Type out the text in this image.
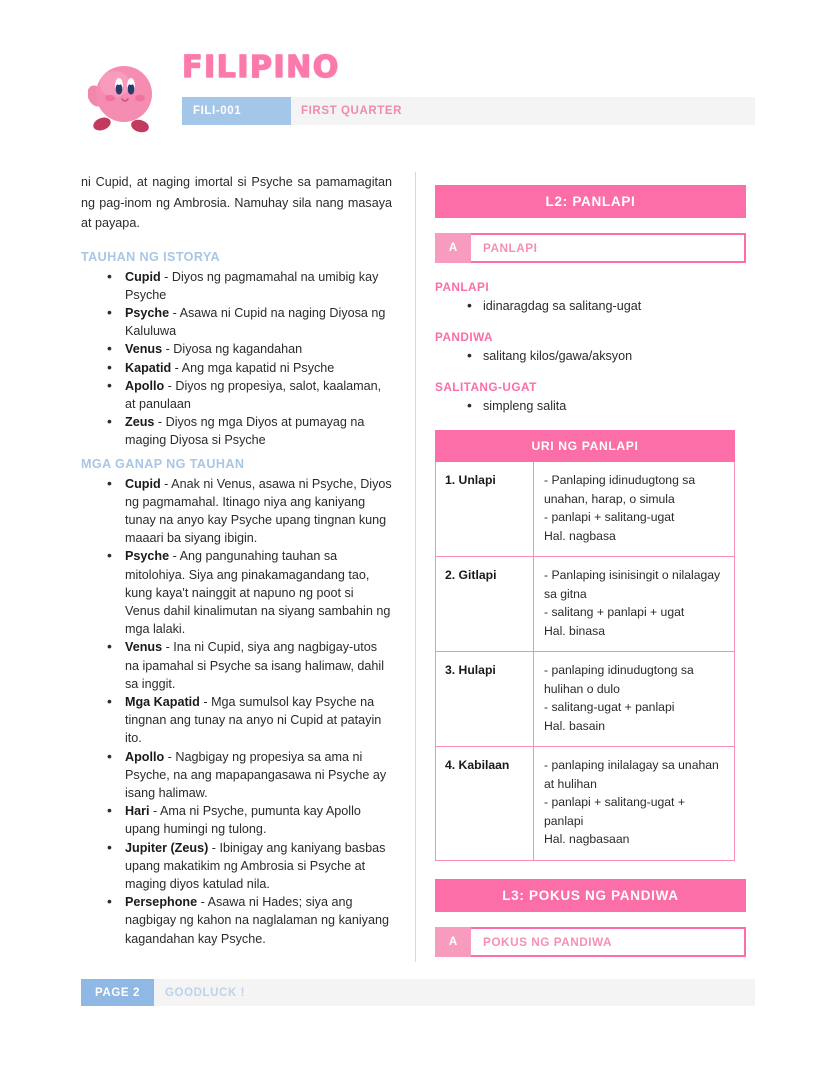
FILIPINO
FILI-001	FIRST QUARTER
ni Cupid, at naging imortal si Psyche sa pamamagitan ng pag-inom ng Ambrosia. Namuhay sila nang masaya at payapa.
TAUHAN NG ISTORYA
• Cupid - Diyos ng pagmamahal na umibig kay Psyche
• Psyche - Asawa ni Cupid na naging Diyosa ng Kaluluwa
• Venus - Diyosa ng kagandahan
• Kapatid - Ang mga kapatid ni Psyche
• Apollo - Diyos ng propesiya, salot, kaalaman, at panulaan
• Zeus - Diyos ng mga Diyos at pumayag na maging Diyosa si Psyche
MGA GANAP NG TAUHAN
• Cupid - Anak ni Venus, asawa ni Psyche, Diyos ng pagmamahal. Itinago niya ang kaniyang tunay na anyo kay Psyche upang tingnan kung maaari ba siyang ibigin.
• Psyche - Ang pangunahing tauhan sa mitolohiya. Siya ang pinakamagandang tao, kung kaya't nainggit at napuno ng poot si Venus dahil kinalimutan na siyang sambahin ng mga lalaki.
• Venus - Ina ni Cupid, siya ang nagbigay-utos na ipamahal si Psyche sa isang halimaw, dahil sa inggit.
• Mga Kapatid - Mga sumulsol kay Psyche na tingnan ang tunay na anyo ni Cupid at patayin ito.
• Apollo - Nagbigay ng propesiya sa ama ni Psyche, na ang mapapangasawa ni Psyche ay isang halimaw.
• Hari - Ama ni Psyche, pumunta kay Apollo upang humingi ng tulong.
• Jupiter (Zeus) - Ibinigay ang kaniyang basbas upang makatikim ng Ambrosia si Psyche at maging diyos katulad nila.
• Persephone - Asawa ni Hades; siya ang nagbigay ng kahon na naglalaman ng kaniyang kagandahan kay Psyche.
L2: PANLAPI
A	PANLAPI
PANLAPI
• idinaragdag sa salitang-ugat
PANDIWA
• salitang kilos/gawa/aksyon
SALITANG-UGAT
• simpleng salita
URI NG PANLAPI	
1. Unlapi	- Panlaping idinudugtong sa unahan, harap, o simula
- panlapi + salitang-ugat
Hal. nagbasa
2. Gitlapi	- Panlaping isinisingit o nilalagay sa gitna
- salitang + panlapi + ugat
Hal. binasa
3. Hulapi	- panlaping idinudugtong sa hulihan o dulo
- salitang-ugat + panlapi
Hal. basain
4. Kabilaan	- panlaping inilalagay sa unahan at hulihan
- panlapi + salitang-ugat + panlapi
Hal. nagbasaan
L3: POKUS NG PANDIWA
A	POKUS NG PANDIWA
PAGE 2	GOODLUCK !
